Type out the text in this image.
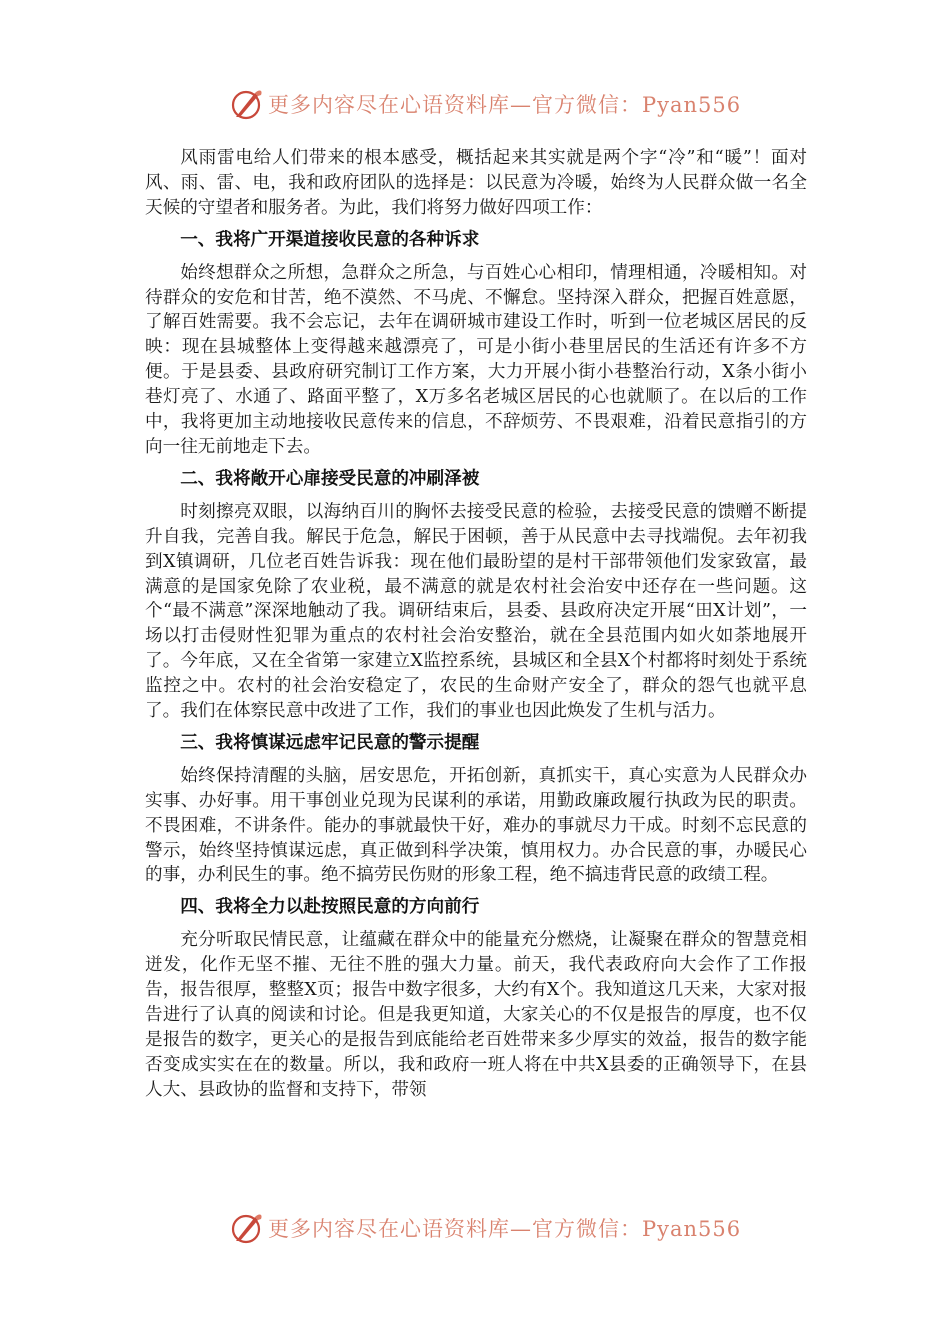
更多内容尽在心语资料库—官方微信：Pyan556

风雨雷电给人们带来的根本感受，概括起来其实就是两个字“冷”和“暖”！面对风、雨、雷、电，我和政府团队的选择是：以民意为冷暖，始终为人民群众做一名全天候的守望者和服务者。为此，我们将努力做好四项工作：

一、我将广开渠道接收民意的各种诉求

始终想群众之所想，急群众之所急，与百姓心心相印，情理相通，冷暖相知。对待群众的安危和甘苦，绝不漠然、不马虎、不懈怠。坚持深入群众，把握百姓意愿，了解百姓需要。我不会忘记，去年在调研城市建设工作时，听到一位老城区居民的反映：现在县城整体上变得越来越漂亮了，可是小街小巷里居民的生活还有许多不方便。于是县委、县政府研究制订工作方案，大力开展小街小巷整治行动，X条小街小巷灯亮了、水通了、路面平整了，X万多名老城区居民的心也就顺了。在以后的工作中，我将更加主动地接收民意传来的信息，不辞烦劳、不畏艰难，沿着民意指引的方向一往无前地走下去。

二、我将敞开心扉接受民意的冲刷泽被

时刻擦亮双眼，以海纳百川的胸怀去接受民意的检验，去接受民意的馈赠不断提升自我，完善自我。解民于危急，解民于困顿，善于从民意中去寻找端倪。去年初我到X镇调研，几位老百姓告诉我：现在他们最盼望的是村干部带领他们发家致富，最满意的是国家免除了农业税，最不满意的就是农村社会治安中还存在一些问题。这个“最不满意”深深地触动了我。调研结束后，县委、县政府决定开展“田X计划”，一场以打击侵财性犯罪为重点的农村社会治安整治，就在全县范围内如火如荼地展开了。今年底，又在全省第一家建立X监控系统，县城区和全县X个村都将时刻处于系统监控之中。农村的社会治安稳定了，农民的生命财产安全了，群众的怨气也就平息了。我们在体察民意中改进了工作，我们的事业也因此焕发了生机与活力。

三、我将慎谋远虑牢记民意的警示提醒

始终保持清醒的头脑，居安思危，开拓创新，真抓实干，真心实意为人民群众办实事、办好事。用干事创业兑现为民谋利的承诺，用勤政廉政履行执政为民的职责。不畏困难，不讲条件。能办的事就最快干好，难办的事就尽力干成。时刻不忘民意的警示，始终坚持慎谋远虑，真正做到科学决策，慎用权力。办合民意的事，办暖民心的事，办利民生的事。绝不搞劳民伤财的形象工程，绝不搞违背民意的政绩工程。

四、我将全力以赴按照民意的方向前行

充分听取民情民意，让蕴藏在群众中的能量充分燃烧，让凝聚在群众的智慧竞相迸发，化作无坚不摧、无往不胜的强大力量。前天，我代表政府向大会作了工作报告，报告很厚，整整X页；报告中数字很多，大约有X个。我知道这几天来，大家对报告进行了认真的阅读和讨论。但是我更知道，大家关心的不仅是报告的厚度，也不仅是报告的数字，更关心的是报告到底能给老百姓带来多少厚实的效益，报告的数字能否变成实实在在的数量。所以，我和政府一班人将在中共X县委的正确领导下，在县人大、县政协的监督和支持下，带领

更多内容尽在心语资料库—官方微信：Pyan556
